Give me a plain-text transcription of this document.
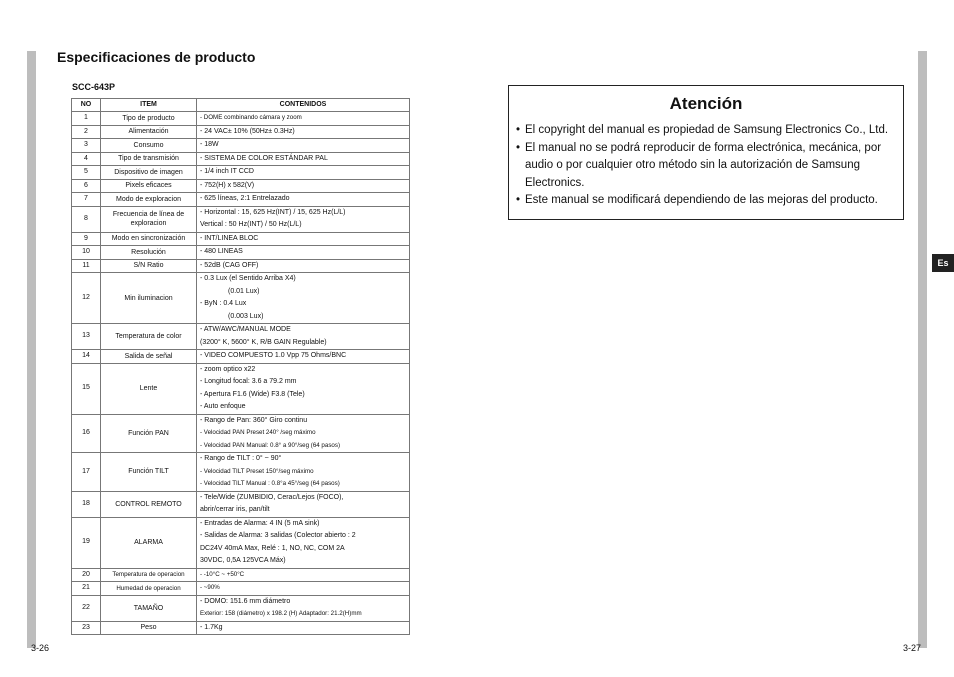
Especificaciones de producto
SCC-643P
NO	ITEM	CONTENIDOS
1	Tipo de producto	- DOME combinando cámara y zoom

2	Alimentación	- 24 VAC± 10% (50Hz± 0.3Hz)

3	Consumo	- 18W

4	Tipo de transmisión	- SISTEMA DE COLOR ESTÁNDAR PAL

5	Dispositivo de imagen	- 1/4 inch IT CCD

6	Pixels eficaces	- 752(H) x 582(V)

7	Modo de exploracion	- 625 líneas, 2:1 Entrelazado

8	Frecuencia de línea de exploracion	- Horizontal : 15, 625 Hz(INT) / 15, 625 Hz(L/L)
Vertical : 50 Hz(INT) / 50 Hz(L/L)

9	Modo en sincronización	- INT/LINEA BLOC

10	Resolución	- 480 LINEAS

11	S/N Ratio	- 52dB (CAG OFF)

12	Min iluminacion	- 0.3 Lux (el Sentido Arriba X4)
(0.01 Lux)
- ByN : 0.4 Lux
(0.003 Lux)

13	Temperatura de color	- ATW/AWC/MANUAL MODE
(3200° K, 5600° K, R/B GAIN Regulable)

14	Salida de señal	- VIDEO COMPUESTO 1.0 Vpp 75 Ohms/BNC

15	Lente	- zoom optico x22
- Longitud focal: 3.6 a 79.2 mm
- Apertura F1.6 (Wide) F3.8 (Tele)
- Auto enfoque

16	Función PAN	- Rango de Pan: 360° Giro continu
- Velocidad PAN Preset 240° /seg máximo
- Velocidad PAN Manual: 0.8° a 90°/seg (64 pasos)

17	Función TILT	- Rango de TILT : 0° ~ 90°
- Velocidad TILT Preset 150°/seg máximo
- Velocidad TILT Manual : 0.8°a 45°/seg (64 pasos)

18	CONTROL REMOTO	- Tele/Wide (ZUMBIDIO, Cerac/Lejos (FOCO),
abrir/cerrar iris, pan/tilt

19	ALARMA	- Entradas de Alarma: 4 IN (5 mA sink)
- Salidas de Alarma: 3 salidas (Colector abierto : 2
DC24V 40mA Max, Relé : 1, NO, NC, COM 2A
30VDC, 0,5A 125VCA Máx)

20	Temperatura de operacion	- -10°C ~ +50°C

21	Humedad de operacion	- ~90%

22	TAMAÑO	- DOMO: 151.6 mm diámetro
Exterior: 158 (diámetro) x 198.2 (H) Adaptador: 21.2(H)mm

23	Peso	- 1.7Kg
Atención
• El copyright del manual es propiedad de Samsung Electronics Co., Ltd.
• El manual no se podrá reproducir de forma electrónica, mecánica, por audio o por cualquier otro método sin la autorización de Samsung Electronics.
• Este manual se modificará dependiendo de las mejoras del producto.
Es
3-26	3-27
